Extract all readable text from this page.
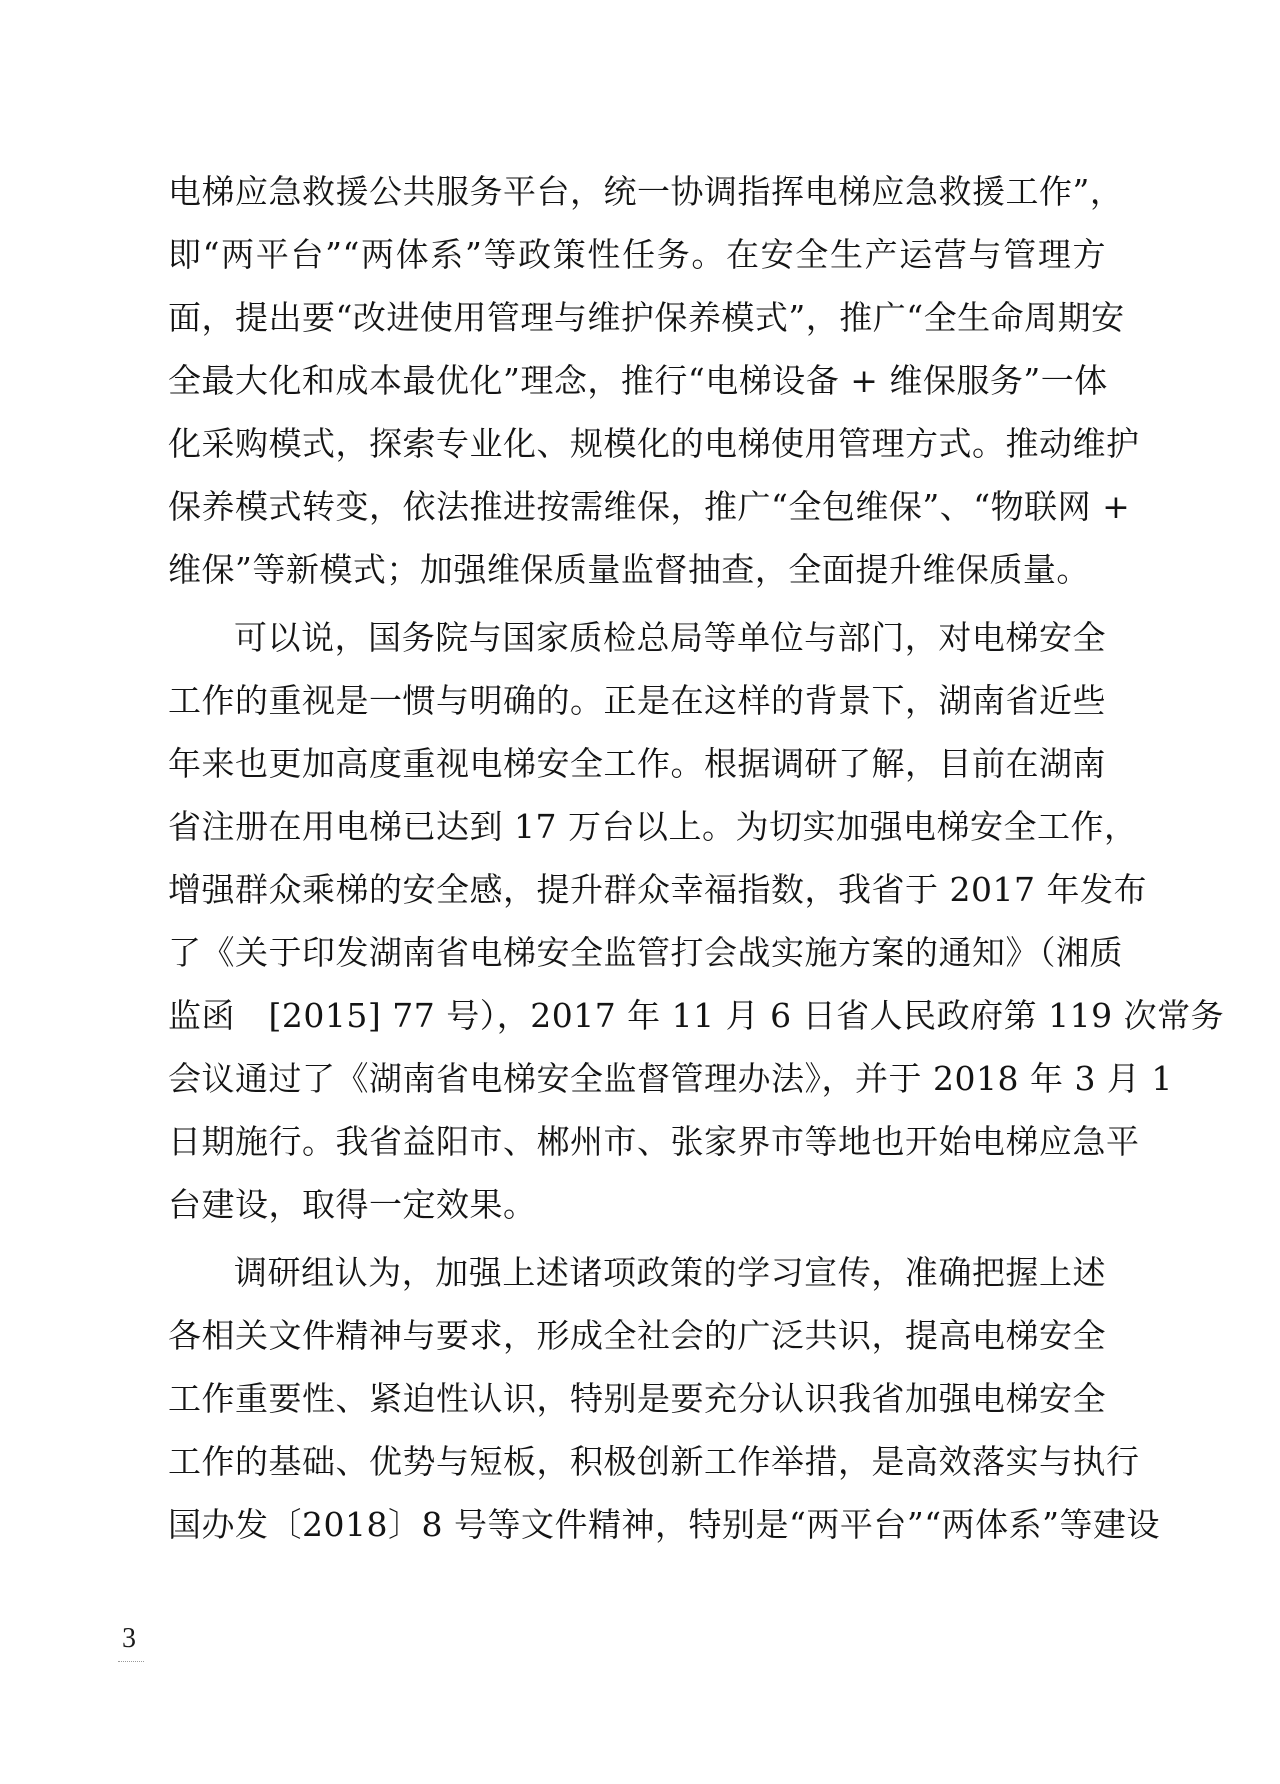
电梯应急救援公共服务平台，统一协调指挥电梯应急救援工作”，
即“两平台”“两体系”等政策性任务。在安全生产运营与管理方
面，提出要“改进使用管理与维护保养模式”，推广“全生命周期安
全最大化和成本最优化”理念，推行“电梯设备 + 维保服务”一体
化采购模式，探索专业化、规模化的电梯使用管理方式。推动维护
保养模式转变，依法推进按需维保，推广“全包维保”、“物联网 +
维保”等新模式；加强维保质量监督抽查，全面提升维保质量。
可以说，国务院与国家质检总局等单位与部门，对电梯安全
工作的重视是一惯与明确的。正是在这样的背景下，湖南省近些
年来也更加高度重视电梯安全工作。根据调研了解，目前在湖南
省注册在用电梯已达到 17 万台以上。为切实加强电梯安全工作，
增强群众乘梯的安全感，提升群众幸福指数，我省于 2017 年发布
了《关于印发湖南省电梯安全监管打会战实施方案的通知》（湘质
监函　[2015] 77 号），2017 年 11 月 6 日省人民政府第 119 次常务
会议通过了《湖南省电梯安全监督管理办法》，并于 2018 年 3 月 1
日期施行。我省益阳市、郴州市、张家界市等地也开始电梯应急平
台建设，取得一定效果。
调研组认为，加强上述诸项政策的学习宣传，准确把握上述
各相关文件精神与要求，形成全社会的广泛共识，提高电梯安全
工作重要性、紧迫性认识，特别是要充分认识我省加强电梯安全
工作的基础、优势与短板，积极创新工作举措，是高效落实与执行
国办发〔2018〕8 号等文件精神，特别是“两平台”“两体系”等建设
3
